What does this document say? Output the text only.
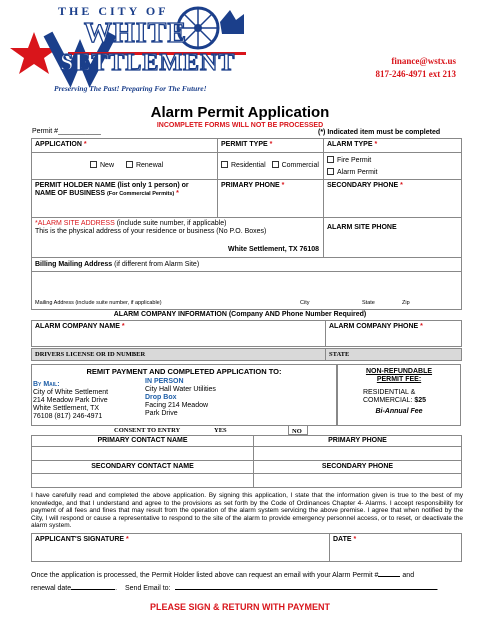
THE CITY OF
WHITE
SETTLEMENT
Preserving The Past! Preparing For The Future!
finance@wstx.us
817-246-4971 ext 213
Alarm Permit Application
INCOMPLETE FORMS WILL NOT BE PROCESSED
Permit #___________	(*) Indicated item must be completed
APPLICATION *	PERMIT TYPE *	ALARM TYPE *
New Renewal	Residential Commercial	Fire Permit
Alarm Permit

PERMIT HOLDER NAME (list only 1 person) or
NAME OF BUSINESS (For Commercial Permits) *	PRIMARY PHONE *	SECONDARY PHONE *

*ALARM SITE ADDRESS (include suite number, if applicable)
This is the physical address of your residence or business (No P.O. Boxes)
White Settlement, TX 76108		ALARM SITE PHONE

Billing Mailing Address (if different from Alarm Site)
Mailing Address (include suite number, if applicable) City State Zip		
ALARM COMPANY INFORMATION (Company AND Phone Number Required)
ALARM COMPANY NAME *	ALARM COMPANY PHONE *
DRIVERS LICENSE OR ID NUMBER	STATE
REMIT PAYMENT AND COMPLETED APPLICATION TO:
By Mail:
City of White Settlement
214 Meadow Park Drive
White Settlement, TX
76108 (817) 246-4971
IN PERSON
City Hall Water Utilities
Drop Box
Facing 214 Meadow
Park Drive
NON-REFUNDABLE
PERMIT FEE:
RESIDENTIAL &
COMMERCIAL: $25
Bi-Annual Fee
CONSENT TO ENTRY	YES	NO
PRIMARY CONTACT NAME	PRIMARY PHONE

SECONDARY CONTACT NAME	SECONDARY PHONE

I have carefully read and completed the above application. By signing this application, I state that the information given is true to the best of my knowledge, and that I understand and agree to the provisions as set forth by the Code of Ordinances Chapter 4- Alarms. I accept responsibility for payment of all fees and fines that may result from the operation of the alarm system servicing the above premise. I agree that when notified by the City, I will respond or cause a representative to respond to the site of the alarm to provide emergency personnel access, or to reset, or deactivate the alarm system.
APPLICANT'S SIGNATURE *	DATE *
Once the application is processed, the Permit Holder listed above can request an email with your Alarm Permit #	and
renewal date	. Send Email to:	.
PLEASE SIGN & RETURN WITH PAYMENT
